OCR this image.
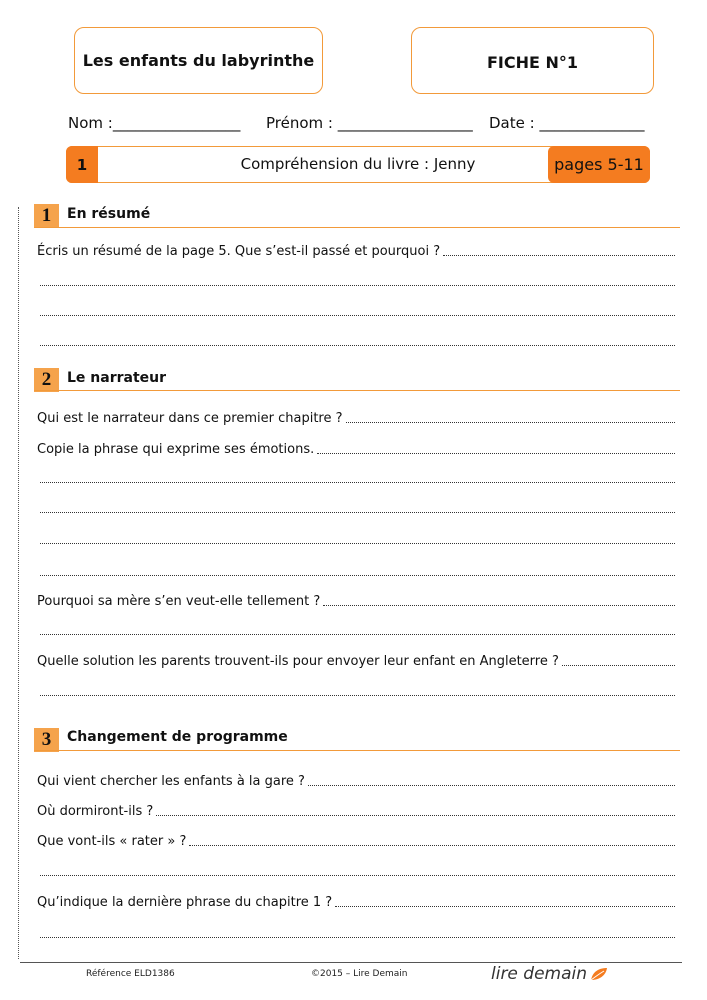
Les enfants du labyrinthe	FICHE N°1
Nom :_________________ Prénom : __________________ Date : ______________
1	Compréhension du livre : Jenny	pages 5-11
1	En résumé
Écris un résumé de la page 5. Que s’est-il passé et pourquoi ?
2	Le narrateur
Qui est le narrateur dans ce premier chapitre ?
Copie la phrase qui exprime ses émotions.
Pourquoi sa mère s’en veut-elle tellement ?
Quelle solution les parents trouvent-ils pour envoyer leur enfant en Angleterre ?
3	Changement de programme
Qui vient chercher les enfants à la gare ?
Où dormiront-ils ?
Que vont-ils « rater » ?
Qu’indique la dernière phrase du chapitre 1 ?
Référence ELD1386	©2015 – Lire Demain	lire demain
